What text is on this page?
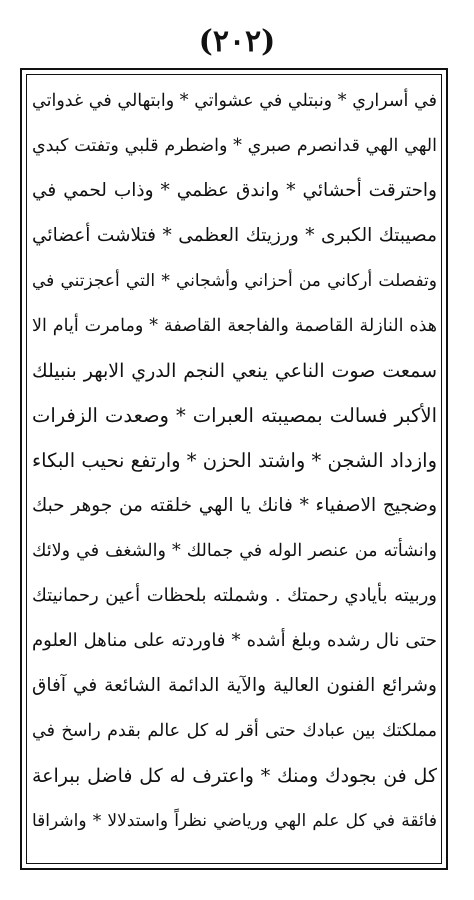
(٢٠٢)
في أسراري * ونبتلي في عشواتي * وابتهالي في غدواتي
الهي الهي قدانصرم صبري * واضطرم قلبي وتفتت كبدي
واحترقت أحشائي * واندق عظمي * وذاب لحمي في
مصيبتك الكبرى * ورزيتك العظمى * فتلاشت أعضائي
وتفصلت أركاني من أحزاني وأشجاني * التي أعجزتني في
هذه النازلة القاصمة والفاجعة القاصفة * ومامرت أيام الا
سمعت صوت الناعي ينعي النجم الدري الابهر بنبيلك
الأكبر فسالت بمصيبته العبرات * وصعدت الزفرات
وازداد الشجن * واشتد الحزن * وارتفع نحيب البكاء
وضجيج الاصفياء * فانك يا الهي خلقته من جوهر حبك
وانشأته من عنصر الوله في جمالك * والشغف في ولائك
وربيته بأيادي رحمتك . وشملته بلحظات أعين رحمانيتك
حتى نال رشده وبلغ أشده * فاوردته على مناهل العلوم
وشرائع الفنون العالية والآية الدائمة الشائعة في آفاق
مملكتك بين عبادك حتى أقر له كل عالم بقدم راسخ في
كل فن بجودك ومنك * واعترف له كل فاضل ببراعة
فائقة في كل علم الهي ورياضي نظراً واستدلالا * واشراقا
